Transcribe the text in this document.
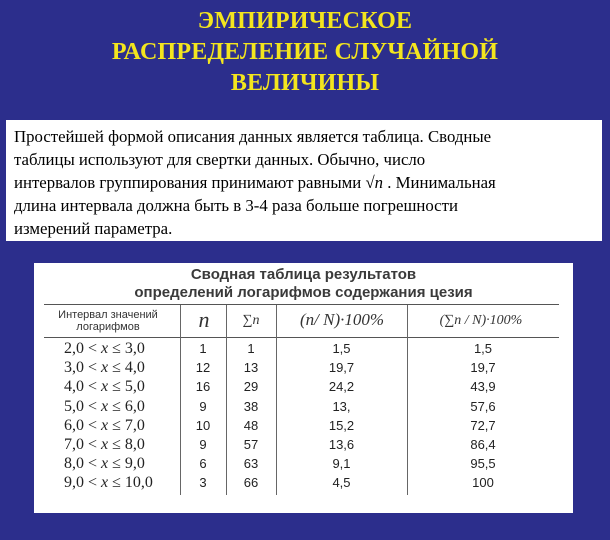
ЭМПИРИЧЕСКОЕ
РАСПРЕДЕЛЕНИЕ СЛУЧАЙНОЙ
ВЕЛИЧИНЫ
Простейшей формой описания данных является таблица. Сводные
таблицы используют для свертки данных. Обычно, число
интервалов группирования принимают равными √n . Минимальная
длина интервала должна быть в 3-4 раза больше погрешности
измерений параметра.
Сводная таблица результатов
определений логарифмов содержания цезия
Интервал значений
логарифмов	n	∑n	(n/ N)·100%	(∑n / N)·100%
2,0 < x ≤ 3,0	1	1	1,5	1,5
3,0 < x ≤ 4,0	12	13	19,7	19,7
4,0 < x ≤ 5,0	16	29	24,2	43,9
5,0 < x ≤ 6,0	9	38	13,	57,6
6,0 < x ≤ 7,0	10	48	15,2	72,7
7,0 < x ≤ 8,0	9	57	13,6	86,4
8,0 < x ≤ 9,0	6	63	9,1	95,5
9,0 < x ≤ 10,0	3	66	4,5	100
